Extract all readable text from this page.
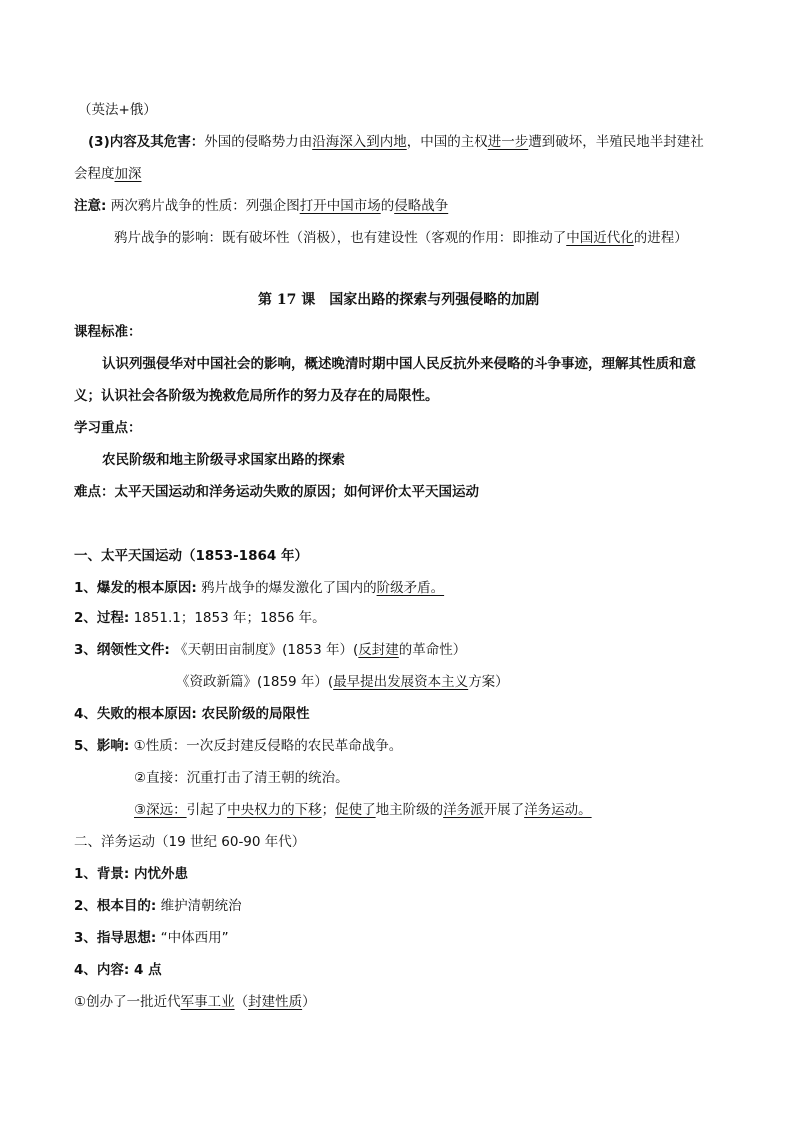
（英法+俄）
(3)内容及其危害：外国的侵略势力由沿海深入到内地，中国的主权进一步遭到破坏，半殖民地半封建社
会程度加深
注意: 两次鸦片战争的性质：列强企图打开中国市场的侵略战争
鸦片战争的影响：既有破坏性（消极），也有建设性（客观的作用：即推动了中国近代化的进程）
第 17 课　国家出路的探索与列强侵略的加剧
课程标准：
认识列强侵华对中国社会的影响，概述晚清时期中国人民反抗外来侵略的斗争事迹，理解其性质和意
义；认识社会各阶级为挽救危局所作的努力及存在的局限性。
学习重点：
农民阶级和地主阶级寻求国家出路的探索
难点：太平天国运动和洋务运动失败的原因；如何评价太平天国运动
一、太平天国运动（1853-1864 年）
1、爆发的根本原因: 鸦片战争的爆发激化了国内的阶级矛盾。
2、过程: 1851.1；1853 年；1856 年。
3、纲领性文件: 《天朝田亩制度》(1853 年）(反封建的革命性）
《资政新篇》(1859 年）(最早提出发展资本主义方案）
4、失败的根本原因: 农民阶级的局限性
5、影响: ①性质：一次反封建反侵略的农民革命战争。
②直接：沉重打击了清王朝的统治。
③深远：引起了中央权力的下移；促使了地主阶级的洋务派开展了洋务运动。
二、洋务运动（19 世纪 60-90 年代）
1、背景: 内忧外患
2、根本目的: 维护清朝统治
3、指导思想: “中体西用”
4、内容: 4 点
①创办了一批近代军事工业（封建性质）
